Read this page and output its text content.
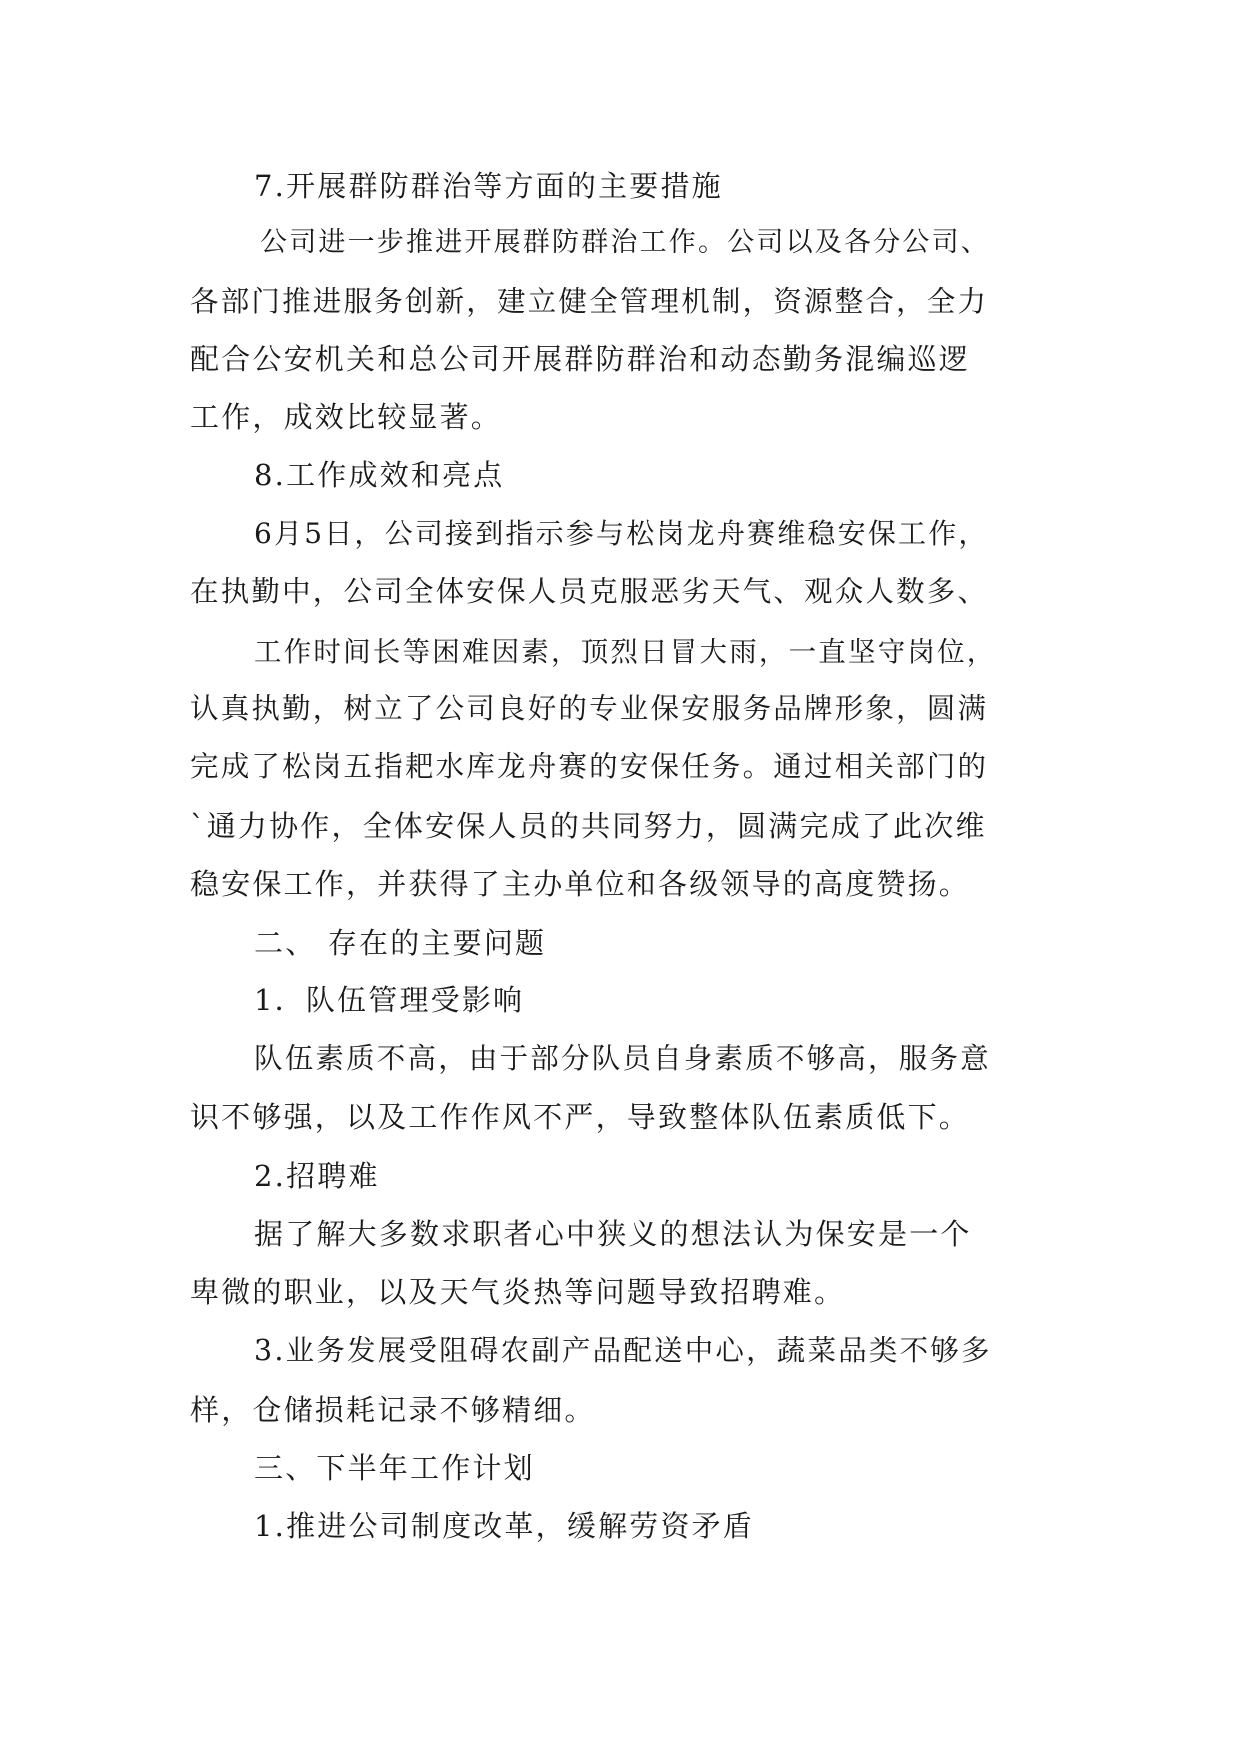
7.开展群防群治等方面的主要措施
公司进一步推进开展群防群治工作。公司以及各分公司、
各部门推进服务创新，建立健全管理机制，资源整合，全力
配合公安机关和总公司开展群防群治和动态勤务混编巡逻
工作，成效比较显著。
8.工作成效和亮点
6月5日，公司接到指示参与松岗龙舟赛维稳安保工作，
在执勤中，公司全体安保人员克服恶劣天气、观众人数多、
工作时间长等困难因素，顶烈日冒大雨，一直坚守岗位，
认真执勤，树立了公司良好的专业保安服务品牌形象，圆满
完成了松岗五指耙水库龙舟赛的安保任务。通过相关部门的
`通力协作，全体安保人员的共同努力，圆满完成了此次维
稳安保工作，并获得了主办单位和各级领导的高度赞扬。
二、 存在的主要问题
1．队伍管理受影响
队伍素质不高，由于部分队员自身素质不够高，服务意
识不够强，以及工作作风不严，导致整体队伍素质低下。
2.招聘难
据了解大多数求职者心中狭义的想法认为保安是一个
卑微的职业，以及天气炎热等问题导致招聘难。
3.业务发展受阻碍农副产品配送中心，蔬菜品类不够多
样，仓储损耗记录不够精细。
三、下半年工作计划
1.推进公司制度改革，缓解劳资矛盾
